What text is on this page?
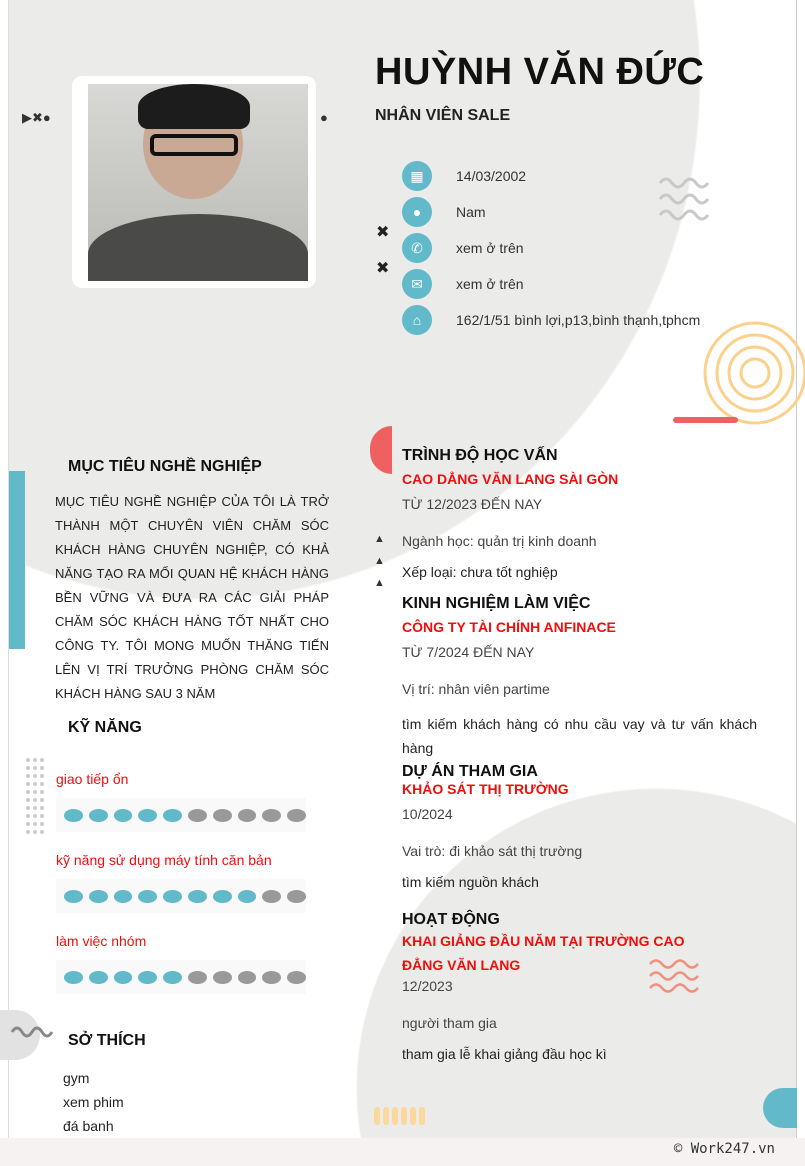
▶✖●	●
✖
✖
▲
▲
▲
HUỲNH VĂN ĐỨC
NHÂN VIÊN SALE
▦	14/03/2002
●	Nam
✆	xem ở trên
✉	xem ở trên
⌂	162/1/51 bình lợi,p13,bình thạnh,tphcm
MỤC TIÊU NGHỀ NGHIỆP
MỤC TIÊU NGHỀ NGHIỆP CỦA TÔI LÀ TRỞ THÀNH MỘT CHUYÊN VIÊN CHĂM SÓC KHÁCH HÀNG CHUYÊN NGHIỆP, CÓ KHẢ NĂNG TẠO RA MỐI QUAN HỆ KHÁCH HÀNG BỀN VỮNG VÀ ĐƯA RA CÁC GIẢI PHÁP CHĂM SÓC KHÁCH HÀNG TỐT NHẤT CHO CÔNG TY. TÔI MONG MUỐN THĂNG TIẾN LÊN VỊ TRÍ TRƯỞNG PHÒNG CHĂM SÓC KHÁCH HÀNG SAU 3 NĂM
KỸ NĂNG
giao tiếp ổn
kỹ năng sử dụng máy tính căn bản
làm việc nhóm
SỞ THÍCH
gym
xem phim
đá banh
TRÌNH ĐỘ HỌC VẤN
CAO DẲNG VĂN LANG SÀI GÒN
TỪ 12/2023 ĐẾN NAY
Ngành học: quản trị kinh doanh
Xếp loại: chưa tốt nghiệp
KINH NGHIỆM LÀM VIỆC
CÔNG TY TÀI CHÍNH ANFINACE
TỪ 7/2024 ĐẾN NAY
Vị trí: nhân viên partime
tìm kiếm khách hàng có nhu cầu vay và tư vấn khách hàng
DỰ ÁN THAM GIA
KHẢO SÁT THỊ TRƯỜNG
10/2024
Vai trò: đi khảo sát thị trường
tìm kiếm nguồn khách
HOẠT ĐỘNG
KHAI GIẢNG ĐẦU NĂM TẠI TRƯỜNG CAO ĐẲNG VĂN LANG
12/2023
người tham gia
tham gia lễ khai giảng đầu học kì
© Work247.vn
